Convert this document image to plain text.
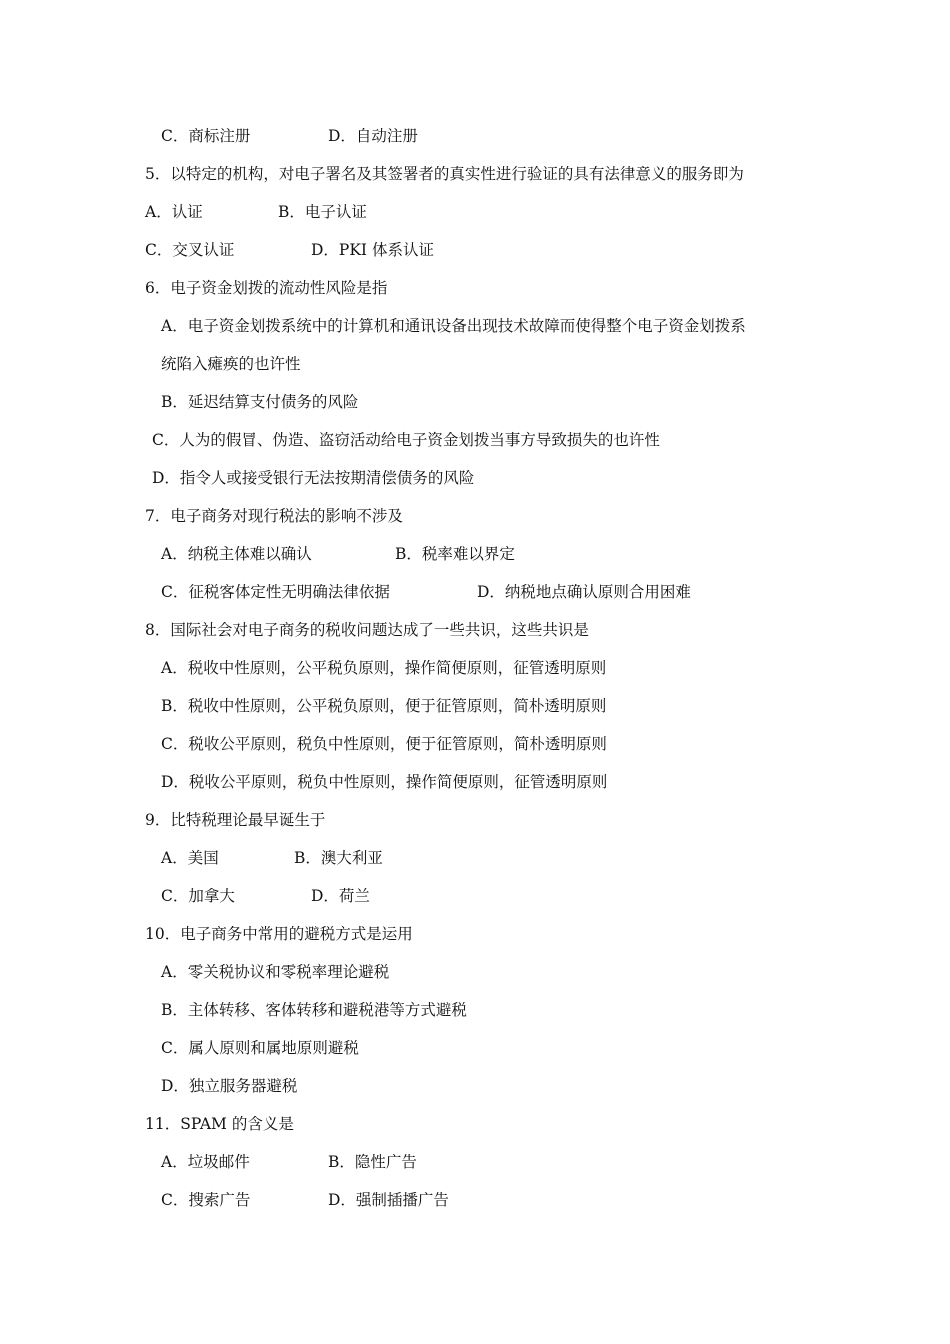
C．商标注册	D．自动注册
5．以特定的机构，对电子署名及其签署者的真实性进行验证的具有法律意义的服务即为
A．认证	B．电子认证
C．交叉认证	D．PKI 体系认证
6．电子资金划拨的流动性风险是指
A．电子资金划拨系统中的计算机和通讯设备出现技术故障而使得整个电子资金划拨系
统陷入瘫痪的也许性
B．延迟结算支付债务的风险
C．人为的假冒、伪造、盗窃活动给电子资金划拨当事方导致损失的也许性
D．指令人或接受银行无法按期清偿债务的风险
7．电子商务对现行税法的影响不涉及
A．纳税主体难以确认	B．税率难以界定
C．征税客体定性无明确法律依据	D．纳税地点确认原则合用困难
8．国际社会对电子商务的税收问题达成了一些共识，这些共识是
A．税收中性原则，公平税负原则，操作简便原则，征管透明原则
B．税收中性原则，公平税负原则，便于征管原则，简朴透明原则
C．税收公平原则，税负中性原则，便于征管原则，简朴透明原则
D．税收公平原则，税负中性原则，操作简便原则，征管透明原则
9．比特税理论最早诞生于
A．美国	B．澳大利亚
C．加拿大	D．荷兰
10．电子商务中常用的避税方式是运用
A．零关税协议和零税率理论避税
B．主体转移、客体转移和避税港等方式避税
C．属人原则和属地原则避税
D．独立服务器避税
11．SPAM 的含义是
A．垃圾邮件	B．隐性广告
C．搜索广告	D．强制插播广告
